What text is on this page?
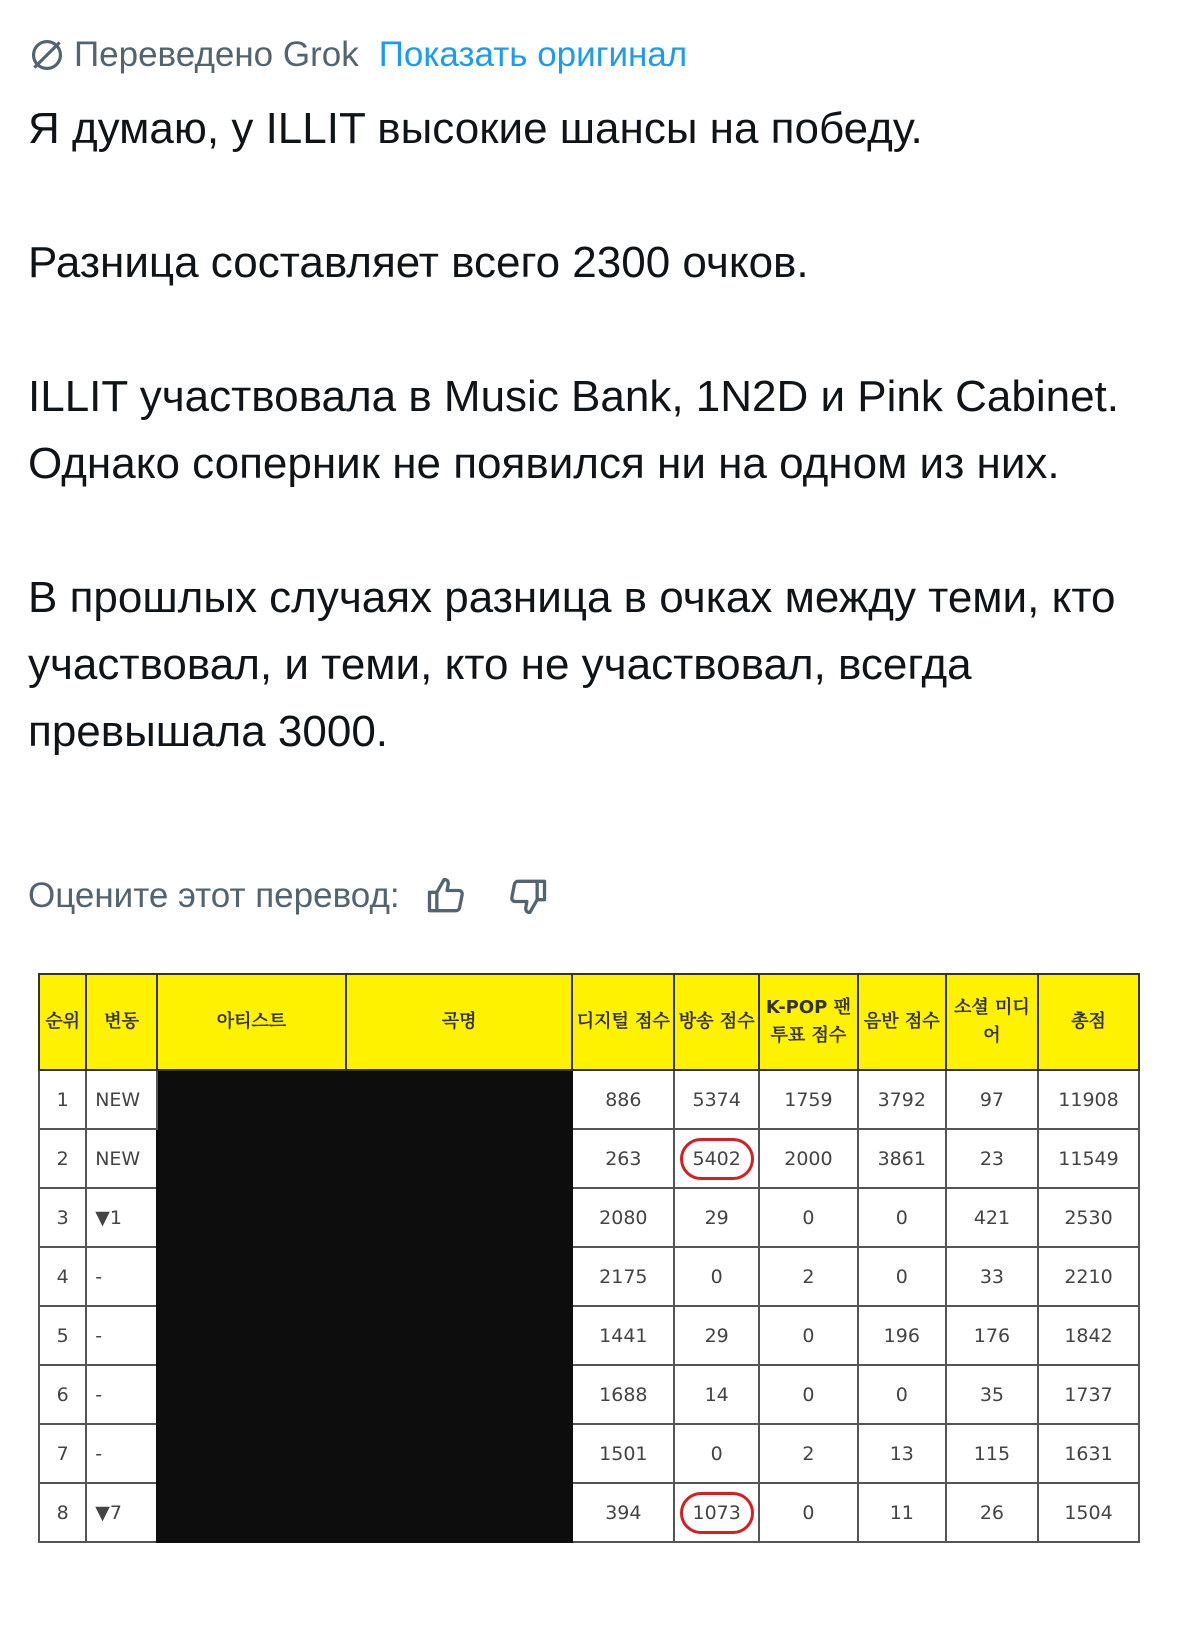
Переведено Grok Показать оригинал
Я думаю, у ILLIT высокие шансы на победу.

Разница составляет всего 2300 очков.

ILLIT участвовала в Music Bank, 1N2D и Pink Cabinet. Однако соперник не появился ни на одном из них.

В прошлых случаях разница в очках между теми, кто участвовал, и теми, кто не участвовал, всегда превышала 3000.
Оцените этот перевод:
순위	변동	아티스트	곡명	디지털 점수	방송 점수	K-POP 팬 투표 점수	음반 점수	소셜 미디어	총점
1	NEW			886	5374	1759	3792	97	11908
2	NEW			263	5402	2000	3861	23	11549
3	▼1			2080	29	0	0	421	2530
4	-			2175	0	2	0	33	2210
5	-			1441	29	0	196	176	1842
6	-			1688	14	0	0	35	1737
7	-			1501	0	2	13	115	1631
8	▼7			394	1073	0	11	26	1504
